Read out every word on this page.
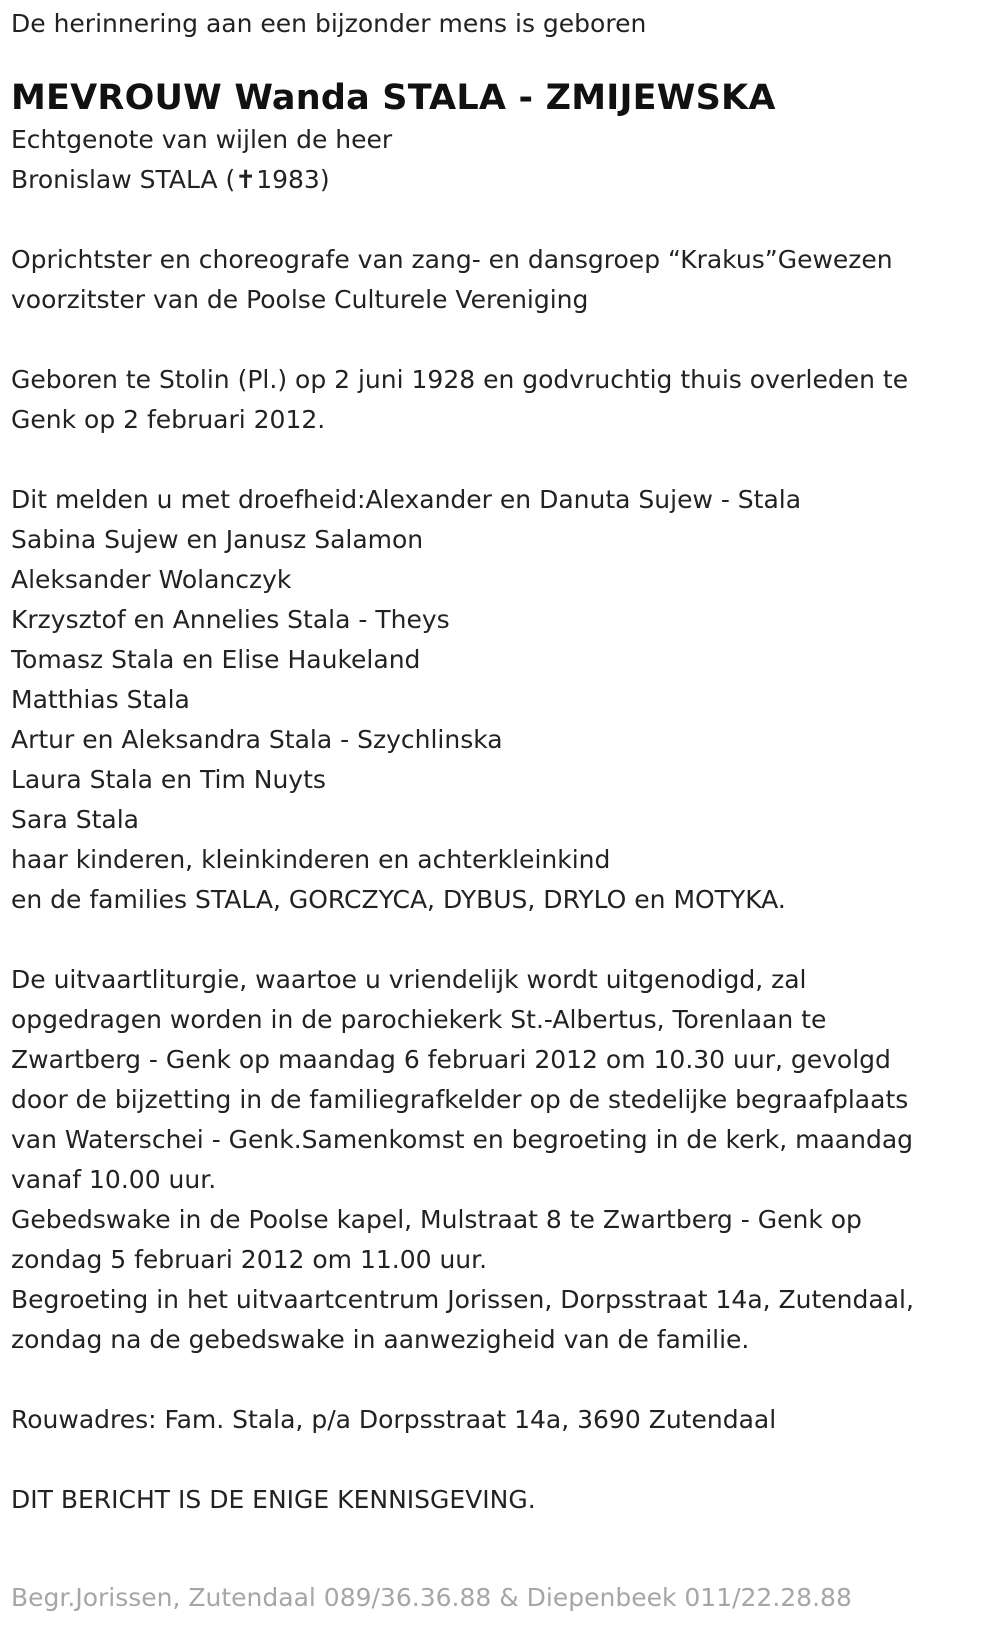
De herinnering aan een bijzonder mens is geboren

MEVROUW Wanda STALA - ZMIJEWSKA

Echtgenote van wijlen de heer

Bronislaw STALA (✝1983)

Oprichtster en choreografe van zang- en dansgroep “Krakus”Gewezen

voorzitster van de Poolse Culturele Vereniging

Geboren te Stolin (Pl.) op 2 juni 1928 en godvruchtig thuis overleden te

Genk op 2 februari 2012.

Dit melden u met droefheid:Alexander en Danuta Sujew - Stala

Sabina Sujew en Janusz Salamon

Aleksander Wolanczyk

Krzysztof en Annelies Stala - Theys

Tomasz Stala en Elise Haukeland

Matthias Stala

Artur en Aleksandra Stala - Szychlinska

Laura Stala en Tim Nuyts

Sara Stala

haar kinderen, kleinkinderen en achterkleinkind

en de families STALA, GORCZYCA, DYBUS, DRYLO en MOTYKA.

De uitvaartliturgie, waartoe u vriendelijk wordt uitgenodigd, zal

opgedragen worden in de parochiekerk St.-Albertus, Torenlaan te

Zwartberg - Genk op maandag 6 februari 2012 om 10.30 uur, gevolgd

door de bijzetting in de familiegrafkelder op de stedelijke begraafplaats

van Waterschei - Genk.Samenkomst en begroeting in de kerk, maandag

vanaf 10.00 uur.

Gebedswake in de Poolse kapel, Mulstraat 8 te Zwartberg - Genk op

zondag 5 februari 2012 om 11.00 uur.

Begroeting in het uitvaartcentrum Jorissen, Dorpsstraat 14a, Zutendaal,

zondag na de gebedswake in aanwezigheid van de familie.

Rouwadres: Fam. Stala, p/a Dorpsstraat 14a, 3690 Zutendaal

DIT BERICHT IS DE ENIGE KENNISGEVING.

Begr.Jorissen, Zutendaal 089/36.36.88 & Diepenbeek 011/22.28.88
